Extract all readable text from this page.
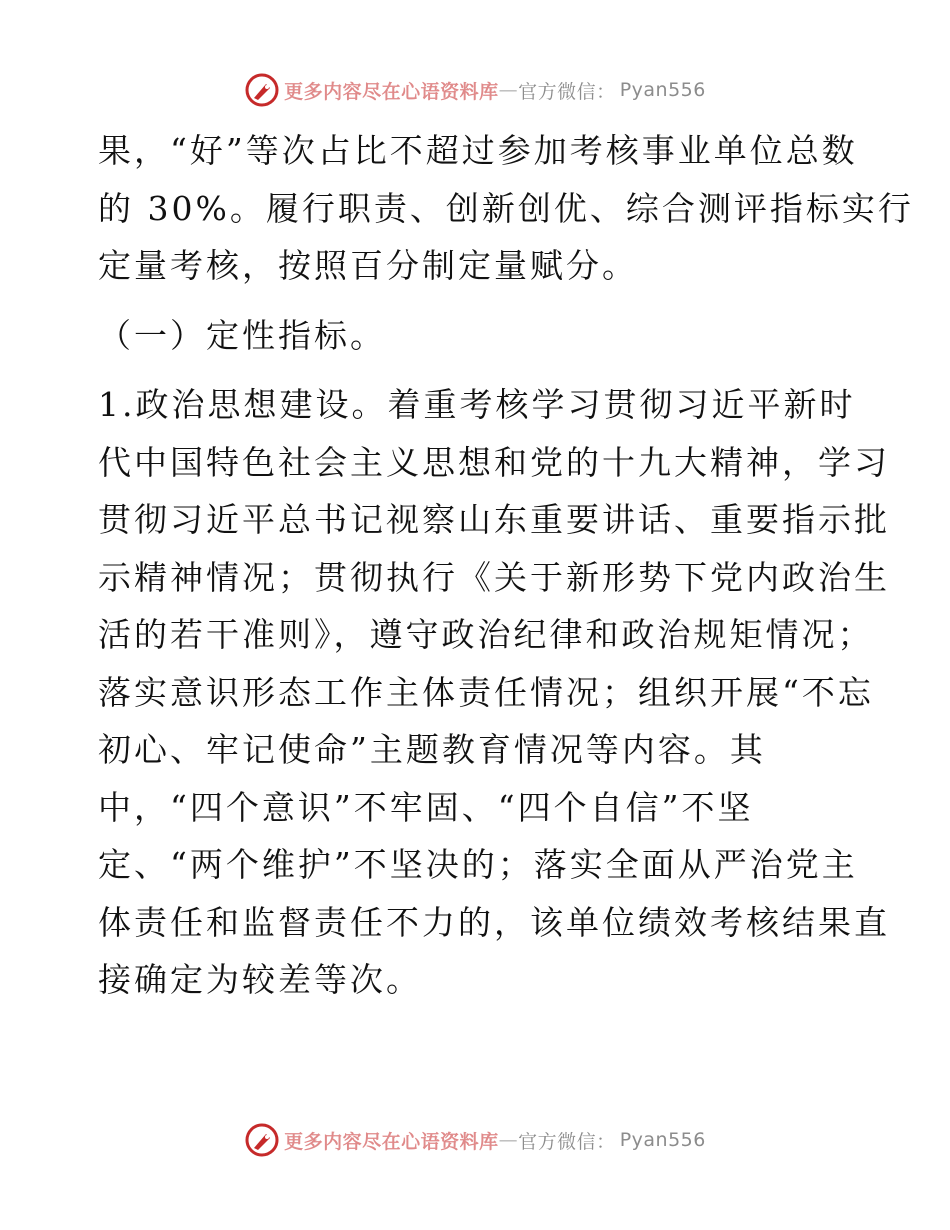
更多内容尽在心语资料库 — 官方微信： Pyan556
果，“好”等次占比不超过参加考核事业单位总数
的 30%。履行职责、创新创优、综合测评指标实行
定量考核，按照百分制定量赋分。
（一）定性指标。
1.政治思想建设。着重考核学习贯彻习近平新时
代中国特色社会主义思想和党的十九大精神，学习
贯彻习近平总书记视察山东重要讲话、重要指示批
示精神情况；贯彻执行《关于新形势下党内政治生
活的若干准则》，遵守政治纪律和政治规矩情况；
落实意识形态工作主体责任情况；组织开展“不忘
初心、牢记使命”主题教育情况等内容。其
中，“四个意识”不牢固、“四个自信”不坚
定、“两个维护”不坚决的；落实全面从严治党主
体责任和监督责任不力的，该单位绩效考核结果直
接确定为较差等次。
更多内容尽在心语资料库 — 官方微信： Pyan556
